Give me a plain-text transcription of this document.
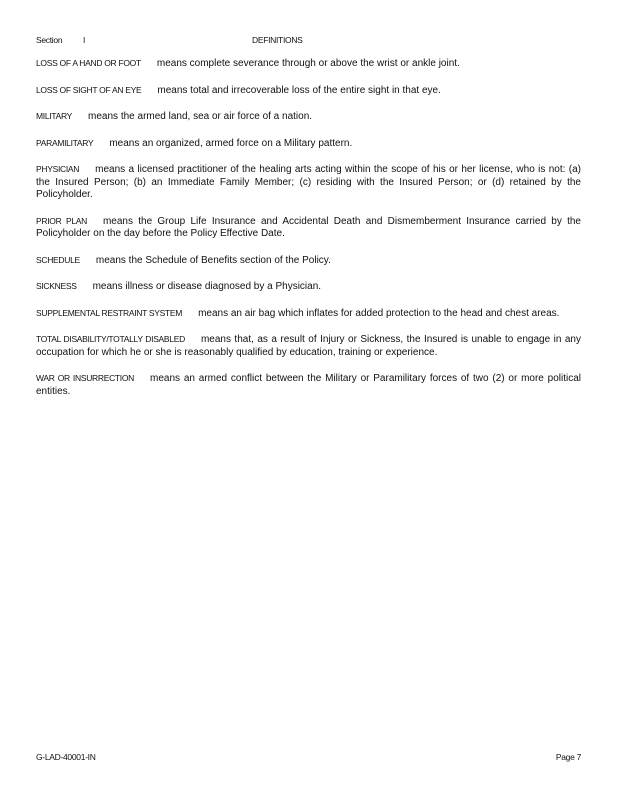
Section I	DEFINITIONS

LOSS OF A HAND OR FOOT means complete severance through or above the wrist or ankle joint.

LOSS OF SIGHT OF AN EYE means total and irrecoverable loss of the entire sight in that eye.

MILITARY means the armed land, sea or air force of a nation.

PARAMILITARY means an organized, armed force on a Military pattern.

PHYSICIAN means a licensed practitioner of the healing arts acting within the scope of his or her license, who is not: (a) the Insured Person; (b) an Immediate Family Member; (c) residing with the Insured Person; or (d) retained by the Policyholder.

PRIOR PLAN means the Group Life Insurance and Accidental Death and Dismemberment Insurance carried by the Policyholder on the day before the Policy Effective Date.

SCHEDULE means the Schedule of Benefits section of the Policy.

SICKNESS means illness or disease diagnosed by a Physician.

SUPPLEMENTAL RESTRAINT SYSTEM means an air bag which inflates for added protection to the head and chest areas.

TOTAL DISABILITY/TOTALLY DISABLED means that, as a result of Injury or Sickness, the Insured is unable to engage in any occupation for which he or she is reasonably qualified by education, training or experience.

WAR OR INSURRECTION means an armed conflict between the Military or Paramilitary forces of two (2) or more political entities.

G-LAD-40001-IN	Page 7
